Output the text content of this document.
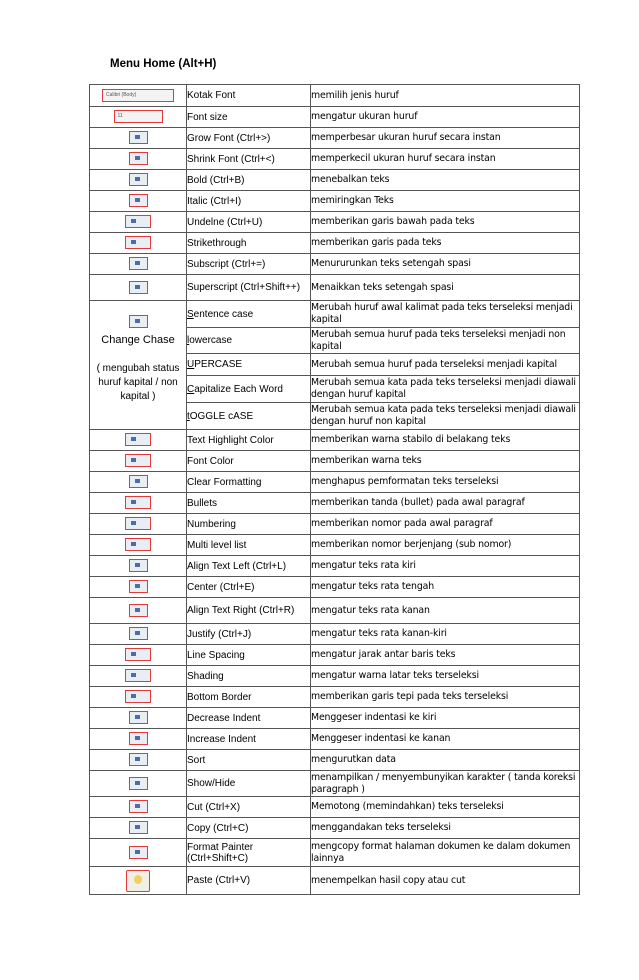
Menu Home (Alt+H)
Calibri (Body)	Kotak Font	memilih jenis huruf

11	Font size	mengatur ukuran huruf

	Grow Font (Ctrl+>)	memperbesar ukuran huruf secara instan

	Shrink Font (Ctrl+<)	memperkecil ukuran huruf secara instan

	Bold (Ctrl+B)	menebalkan teks

	Italic (Ctrl+I)	memiringkan Teks

	Undelne (Ctrl+U)	memberikan garis bawah pada teks

	Strikethrough	memberikan garis pada teks

	Subscript (Ctrl+=)	Menururunkan teks setengah spasi

	Superscript (Ctrl+Shift++)	Menaikkan teks setengah spasi

Change Chase
( mengubah status huruf kapital / non kapital )	Sentence case	Merubah huruf awal kalimat pada teks terseleksi menjadi kapital
	lowercase	Merubah semua huruf pada teks terseleksi menjadi non kapital
	UPERCASE	Merubah semua huruf pada terseleksi menjadi kapital
	Capitalize Each Word	Merubah semua kata pada teks terseleksi menjadi diawali dengan huruf kapital
	tOGGLE cASE	Merubah semua kata pada teks terseleksi menjadi diawali dengan huruf non kapital

	Text Highlight Color	memberikan warna stabilo di belakang teks

	Font Color	memberikan warna teks

	Clear Formatting	menghapus pemformatan teks terseleksi

	Bullets	memberikan tanda (bullet) pada awal paragraf

	Numbering	memberikan nomor pada awal paragraf

	Multi level list	memberikan nomor berjenjang (sub nomor)

	Align Text Left (Ctrl+L)	mengatur teks rata kiri

	Center (Ctrl+E)	mengatur teks rata tengah

	Align Text Right (Ctrl+R)	mengatur teks rata kanan

	Justify (Ctrl+J)	mengatur teks rata kanan-kiri

	Line Spacing	mengatur jarak antar baris teks

	Shading	mengatur warna latar teks terseleksi

	Bottom Border	memberikan garis tepi pada teks terseleksi

	Decrease Indent	Menggeser indentasi ke kiri

	Increase Indent	Menggeser indentasi ke kanan

	Sort	mengurutkan data

	Show/Hide	menampilkan / menyembunyikan karakter ( tanda koreksi paragraph )

	Cut (Ctrl+X)	Memotong (memindahkan) teks terseleksi

	Copy (Ctrl+C)	menggandakan teks terseleksi

	Format Painter (Ctrl+Shift+C)	mengcopy format halaman dokumen ke dalam dokumen lainnya

	Paste (Ctrl+V)	menempelkan hasil copy atau cut
